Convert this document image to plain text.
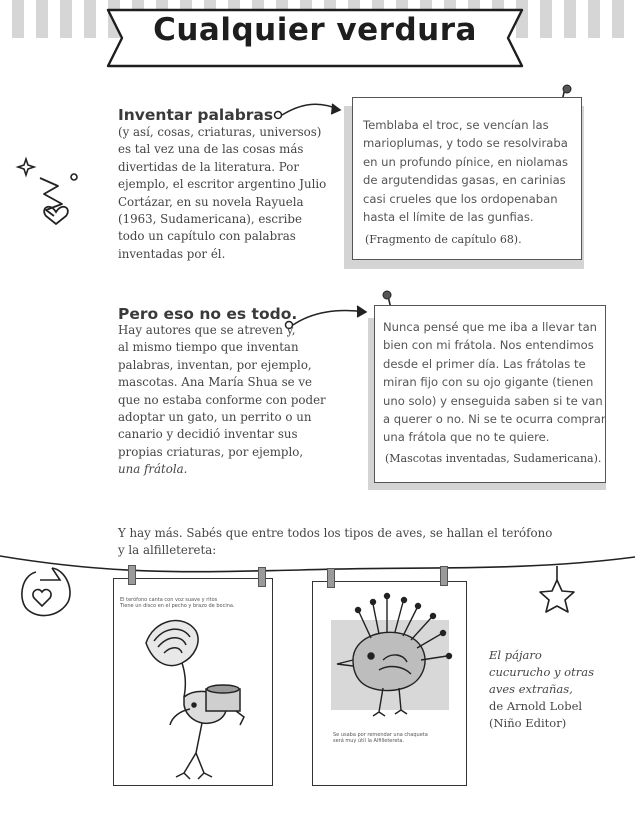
Cualquier verdura
Inventar palabras
(y así, cosas, criaturas, universos)
es tal vez una de las cosas más
divertidas de la literatura. Por
ejemplo, el escritor argentino Julio
Cortázar, en su novela Rayuela
(1963, Sudamericana), escribe
todo un capítulo con palabras
inventadas por él.
Temblaba el troc, se vencían las
marioplumas, y todo se resolviraba
en un profundo pínice, en niolamas
de argutendidas gasas, en carinias
casi crueles que los ordopenaban
hasta el límite de las gunfias.
(Fragmento de capítulo 68).
Pero eso no es todo.
Hay autores que se atreven y,
al mismo tiempo que inventan
palabras, inventan, por ejemplo,
mascotas. Ana María Shua se ve
que no estaba conforme con poder
adoptar un gato, un perrito o un
canario y decidió inventar sus
propias criaturas, por ejemplo,
una frátola.
Nunca pensé que me iba a llevar tan
bien con mi frátola. Nos entendimos
desde el primer día. Las frátolas te
miran fijo con su ojo gigante (tienen
uno solo) y enseguida saben si te van
a querer o no. Ni se te ocurra comprar
una frátola que no te quiere.
(Mascotas inventadas, Sudamericana).
Y hay más. Sabés que entre todos los tipos de aves, se hallan el terófono
y la alfilletereta:
El terófono canta con voz suave y ritos
Tiene un disco en el pecho y brazo de bocina.
Se usaba por remendar una chaqueta
será muy útil la Alfilletereta.
El pájaro
cucurucho y otras
aves extrañas,
de Arnold Lobel
(Niño Editor)
